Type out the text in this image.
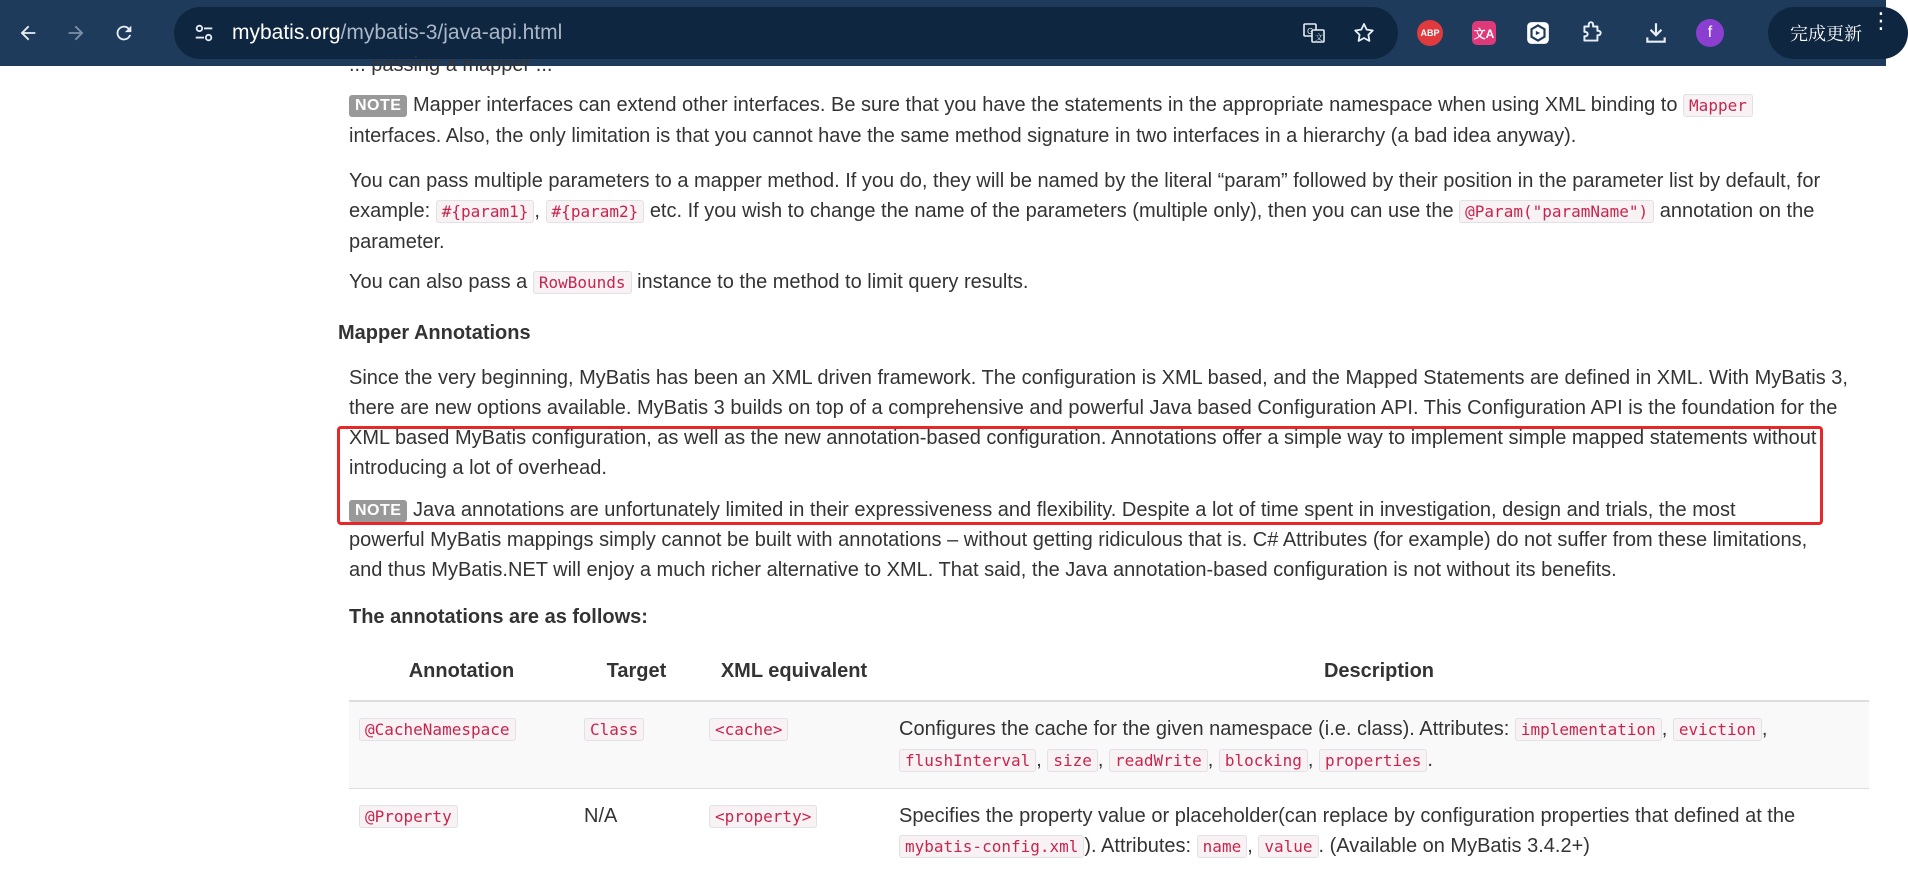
mybatis.org/mybatis-3/java-api.html	G
文	ABP	文A	f	完成更新
⋮
... passing a mapper ...

NOTE Mapper interfaces can extend other interfaces. Be sure that you have the statements in the appropriate namespace when using XML binding to Mapper interfaces. Also, the only limitation is that you cannot have the same method signature in two interfaces in a hierarchy (a bad idea anyway).

You can pass multiple parameters to a mapper method. If you do, they will be named by the literal “param” followed by their position in the parameter list by default, for example: #{param1} , #{param2} etc. If you wish to change the name of the parameters (multiple only), then you can use the @Param("paramName") annotation on the parameter.

You can also pass a RowBounds instance to the method to limit query results.

Mapper Annotations

Since the very beginning, MyBatis has been an XML driven framework. The configuration is XML based, and the Mapped Statements are defined in XML. With MyBatis 3, there are new options available. MyBatis 3 builds on top of a comprehensive and powerful Java based Configuration API. This Configuration API is the foundation for the XML based MyBatis configuration, as well as the new annotation-based configuration. Annotations offer a simple way to implement simple mapped statements without introducing a lot of overhead.

NOTE Java annotations are unfortunately limited in their expressiveness and flexibility. Despite a lot of time spent in investigation, design and trials, the most powerful MyBatis mappings simply cannot be built with annotations – without getting ridiculous that is. C# Attributes (for example) do not suffer from these limitations, and thus MyBatis.NET will enjoy a much richer alternative to XML. That said, the Java annotation-based configuration is not without its benefits.

The annotations are as follows:
Annotation	Target	XML equivalent	Description
@CacheNamespace	Class	<cache>	Configures the cache for the given namespace (i.e. class). Attributes: implementation , eviction , flushInterval , size , readWrite , blocking , properties .
@Property	N/A	<property>	Specifies the property value or placeholder(can replace by configuration properties that defined at the mybatis-config.xml ). Attributes: name , value . (Available on MyBatis 3.4.2+)
